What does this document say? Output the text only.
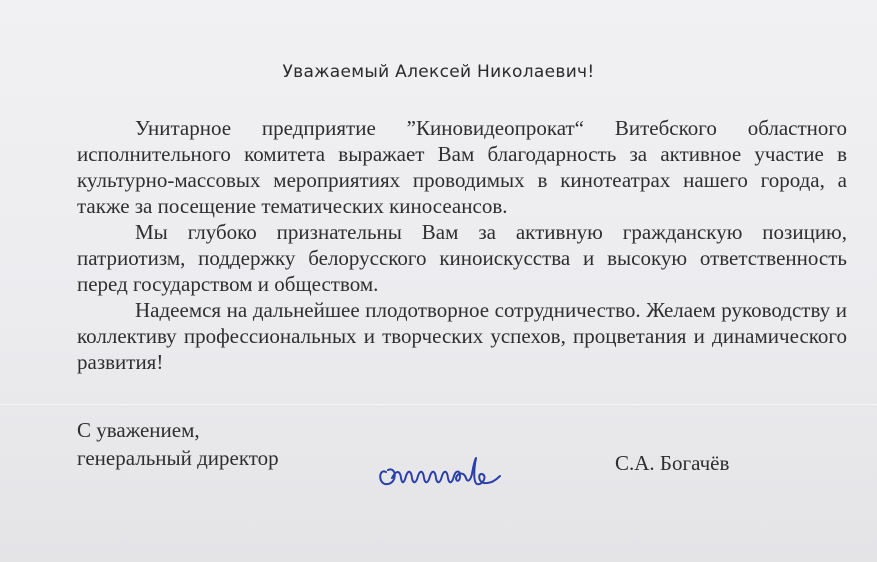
Уважаемый Алексей Николаевич!

Унитарное предприятие ”Киновидеопрокат“ Витебского областного исполнительного комитета выражает Вам благодарность за активное участие в культурно-массовых мероприятиях проводимых в кинотеатрах нашего города, а также за посещение тематических киносеансов.

Мы глубоко признательны Вам за активную гражданскую позицию, патриотизм, поддержку белорусского киноискусства и высокую ответственность перед государством и обществом.

Надеемся на дальнейшее плодотворное сотрудничество. Желаем руководству и коллективу профессиональных и творческих успехов, процветания и динамического развития!

С уважением,
генеральный директор	С.А. Богачёв
